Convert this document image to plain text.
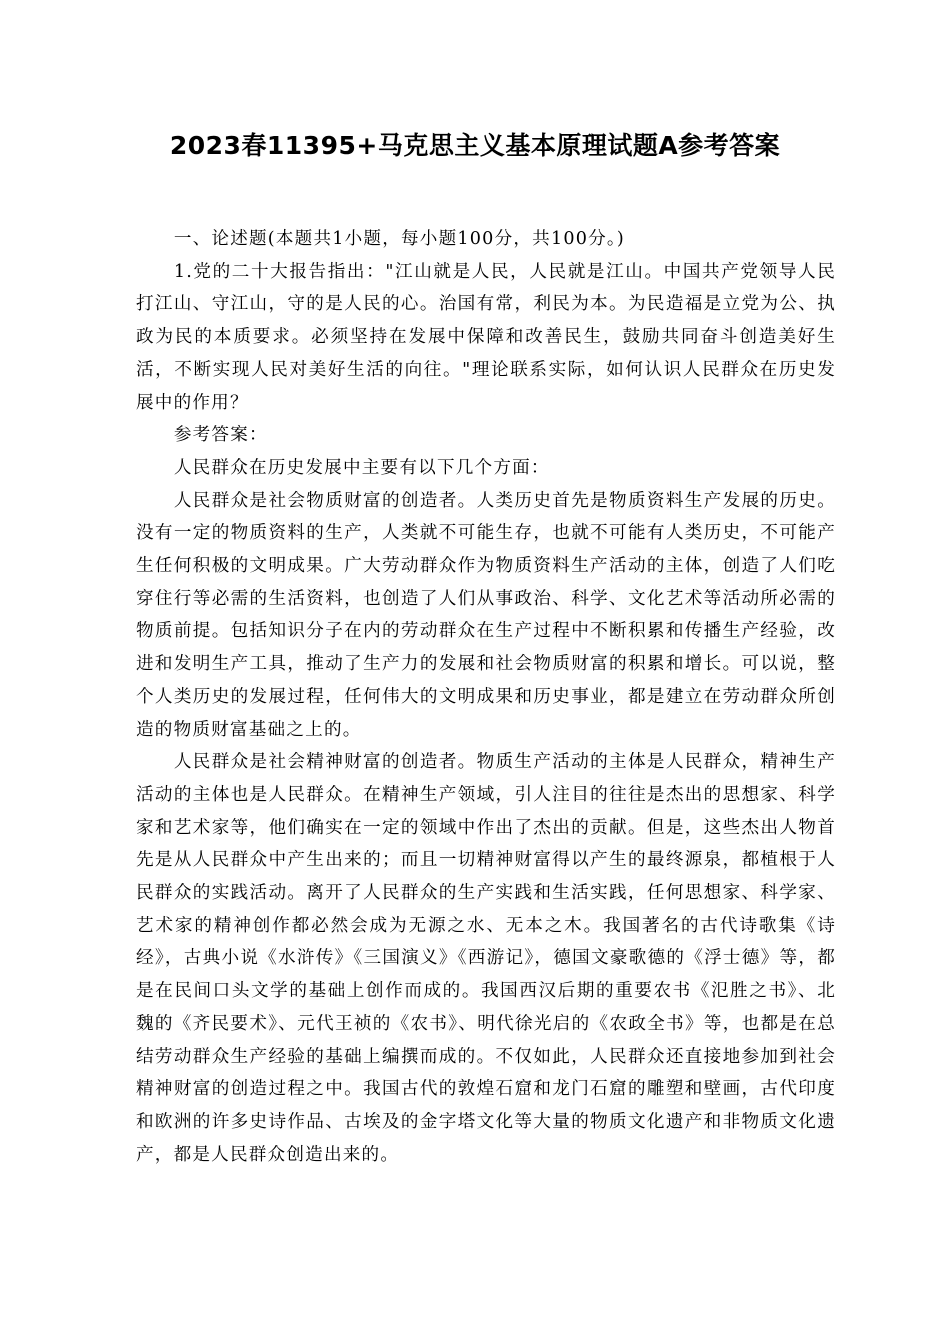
2023春11395+马克思主义基本原理试题A参考答案

一、论述题(本题共1小题，每小题100分，共100分。)

1.党的二十大报告指出："江山就是人民，人民就是江山。中国共产党领导人民打江山、守江山，守的是人民的心。治国有常，利民为本。为民造福是立党为公、执政为民的本质要求。必须坚持在发展中保障和改善民生，鼓励共同奋斗创造美好生活，不断实现人民对美好生活的向往。"理论联系实际，如何认识人民群众在历史发展中的作用？

参考答案：

人民群众在历史发展中主要有以下几个方面：

人民群众是社会物质财富的创造者。人类历史首先是物质资料生产发展的历史。没有一定的物质资料的生产，人类就不可能生存，也就不可能有人类历史，不可能产生任何积极的文明成果。广大劳动群众作为物质资料生产活动的主体，创造了人们吃穿住行等必需的生活资料，也创造了人们从事政治、科学、文化艺术等活动所必需的物质前提。包括知识分子在内的劳动群众在生产过程中不断积累和传播生产经验，改进和发明生产工具，推动了生产力的发展和社会物质财富的积累和增长。可以说，整个人类历史的发展过程，任何伟大的文明成果和历史事业，都是建立在劳动群众所创造的物质财富基础之上的。

人民群众是社会精神财富的创造者。物质生产活动的主体是人民群众，精神生产活动的主体也是人民群众。在精神生产领域，引人注目的往往是杰出的思想家、科学家和艺术家等，他们确实在一定的领域中作出了杰出的贡献。但是，这些杰出人物首先是从人民群众中产生出来的；而且一切精神财富得以产生的最终源泉，都植根于人民群众的实践活动。离开了人民群众的生产实践和生活实践，任何思想家、科学家、艺术家的精神创作都必然会成为无源之水、无本之木。我国著名的古代诗歌集《诗经》，古典小说《水浒传》《三国演义》《西游记》，德国文豪歌德的《浮士德》等，都是在民间口头文学的基础上创作而成的。我国西汉后期的重要农书《氾胜之书》、北魏的《齐民要术》、元代王祯的《农书》、明代徐光启的《农政全书》等，也都是在总结劳动群众生产经验的基础上编撰而成的。不仅如此，人民群众还直接地参加到社会精神财富的创造过程之中。我国古代的敦煌石窟和龙门石窟的雕塑和壁画，古代印度和欧洲的许多史诗作品、古埃及的金字塔文化等大量的物质文化遗产和非物质文化遗产，都是人民群众创造出来的。
